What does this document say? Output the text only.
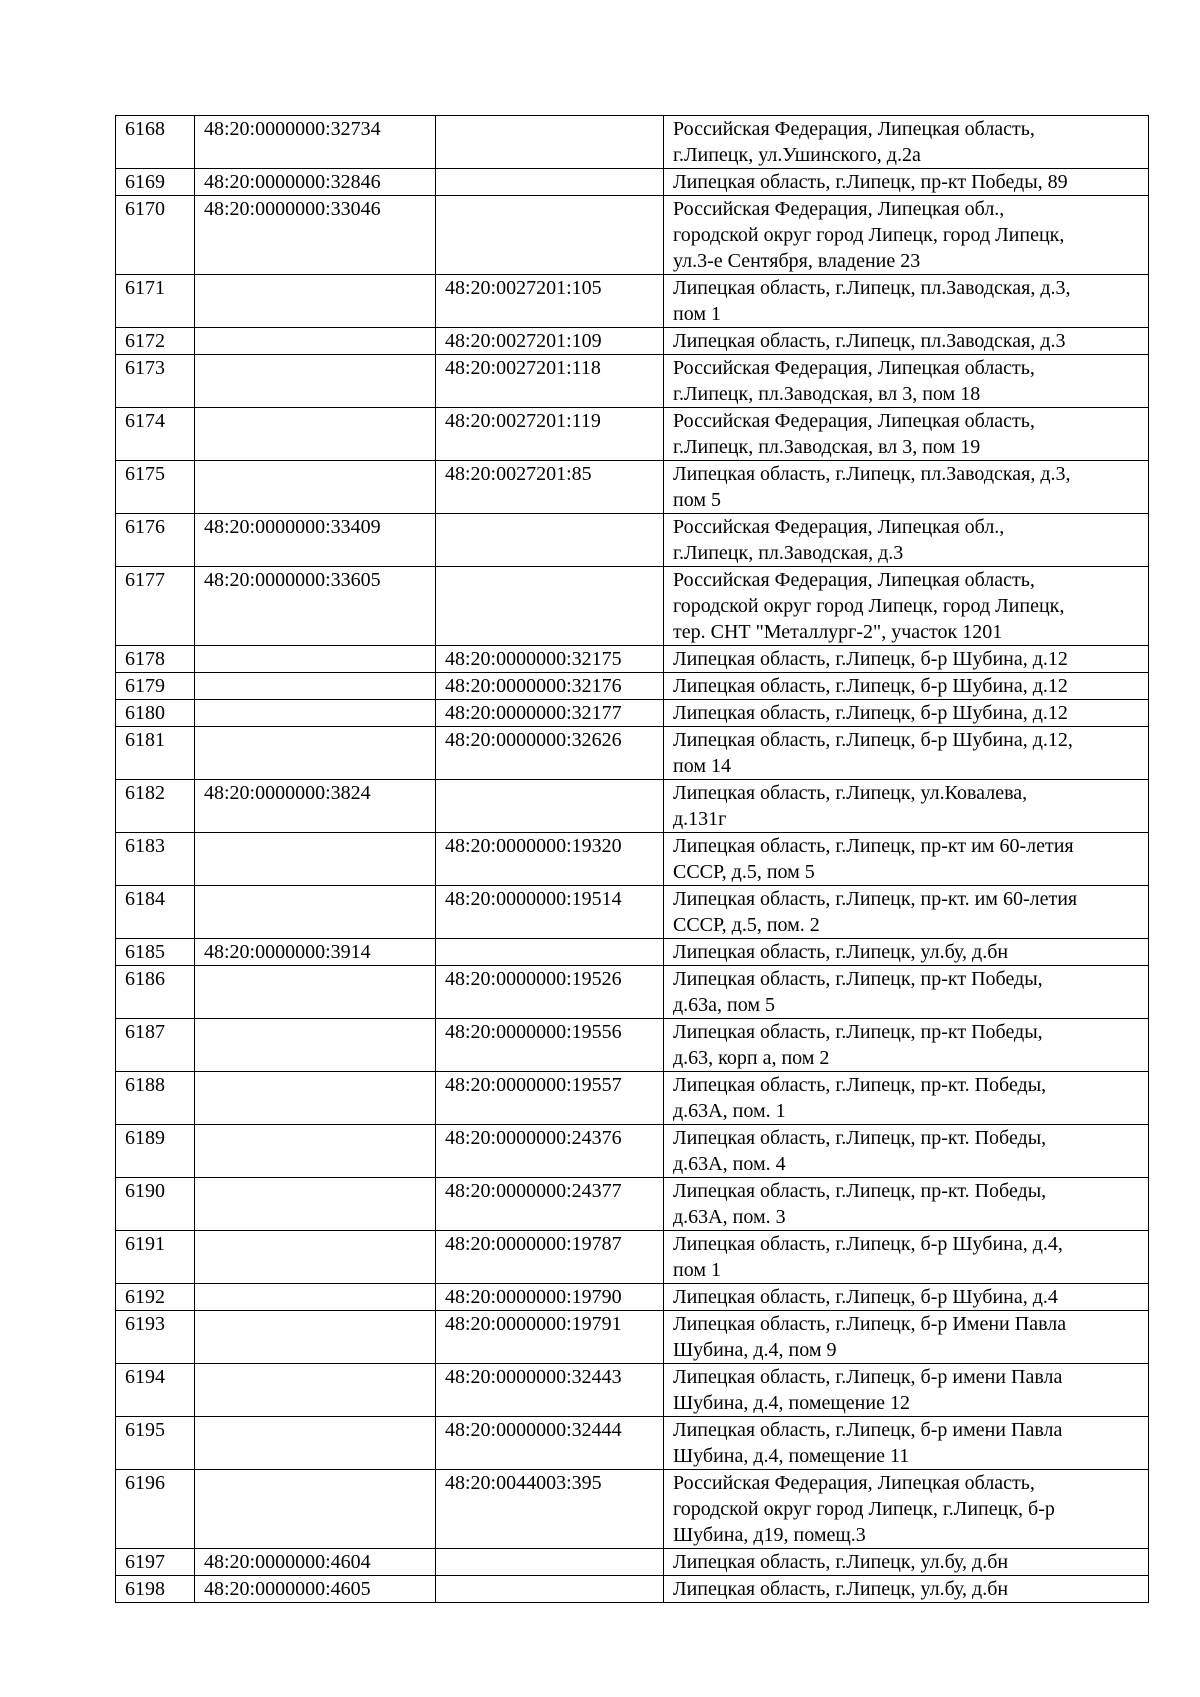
6168	48:20:0000000:32734		Российская Федерация, Липецкая область,
г.Липецк, ул.Ушинского, д.2а
6169	48:20:0000000:32846		Липецкая область, г.Липецк, пр-кт Победы, 89
6170	48:20:0000000:33046		Российская Федерация, Липецкая обл.,
городской округ город Липецк, город Липецк,
ул.3-е Сентября, владение 23
6171		48:20:0027201:105	Липецкая область, г.Липецк, пл.Заводская, д.3,
пом 1
6172		48:20:0027201:109	Липецкая область, г.Липецк, пл.Заводская, д.3
6173		48:20:0027201:118	Российская Федерация, Липецкая область,
г.Липецк, пл.Заводская, вл 3, пом 18
6174		48:20:0027201:119	Российская Федерация, Липецкая область,
г.Липецк, пл.Заводская, вл 3, пом 19
6175		48:20:0027201:85	Липецкая область, г.Липецк, пл.Заводская, д.3,
пом 5
6176	48:20:0000000:33409		Российская Федерация, Липецкая обл.,
г.Липецк, пл.Заводская, д.3
6177	48:20:0000000:33605		Российская Федерация, Липецкая область,
городской округ город Липецк, город Липецк,
тер. СНТ "Металлург-2", участок 1201
6178		48:20:0000000:32175	Липецкая область, г.Липецк, б-р Шубина, д.12
6179		48:20:0000000:32176	Липецкая область, г.Липецк, б-р Шубина, д.12
6180		48:20:0000000:32177	Липецкая область, г.Липецк, б-р Шубина, д.12
6181		48:20:0000000:32626	Липецкая область, г.Липецк, б-р Шубина, д.12,
пом 14
6182	48:20:0000000:3824		Липецкая область, г.Липецк, ул.Ковалева,
д.131г
6183		48:20:0000000:19320	Липецкая область, г.Липецк, пр-кт им 60-летия
СССР, д.5, пом 5
6184		48:20:0000000:19514	Липецкая область, г.Липецк, пр-кт. им 60-летия
СССР, д.5, пом. 2
6185	48:20:0000000:3914		Липецкая область, г.Липецк, ул.бу, д.бн
6186		48:20:0000000:19526	Липецкая область, г.Липецк, пр-кт Победы,
д.63а, пом 5
6187		48:20:0000000:19556	Липецкая область, г.Липецк, пр-кт Победы,
д.63, корп а, пом 2
6188		48:20:0000000:19557	Липецкая область, г.Липецк, пр-кт. Победы,
д.63А, пом. 1
6189		48:20:0000000:24376	Липецкая область, г.Липецк, пр-кт. Победы,
д.63А, пом. 4
6190		48:20:0000000:24377	Липецкая область, г.Липецк, пр-кт. Победы,
д.63А, пом. 3
6191		48:20:0000000:19787	Липецкая область, г.Липецк, б-р Шубина, д.4,
пом 1
6192		48:20:0000000:19790	Липецкая область, г.Липецк, б-р Шубина, д.4
6193		48:20:0000000:19791	Липецкая область, г.Липецк, б-р Имени Павла
Шубина, д.4, пом 9
6194		48:20:0000000:32443	Липецкая область, г.Липецк, б-р имени Павла
Шубина, д.4, помещение 12
6195		48:20:0000000:32444	Липецкая область, г.Липецк, б-р имени Павла
Шубина, д.4, помещение 11
6196		48:20:0044003:395	Российская Федерация, Липецкая область,
городской округ город Липецк, г.Липецк, б-р
Шубина, д19, помещ.3
6197	48:20:0000000:4604		Липецкая область, г.Липецк, ул.бу, д.бн
6198	48:20:0000000:4605		Липецкая область, г.Липецк, ул.бу, д.бн
